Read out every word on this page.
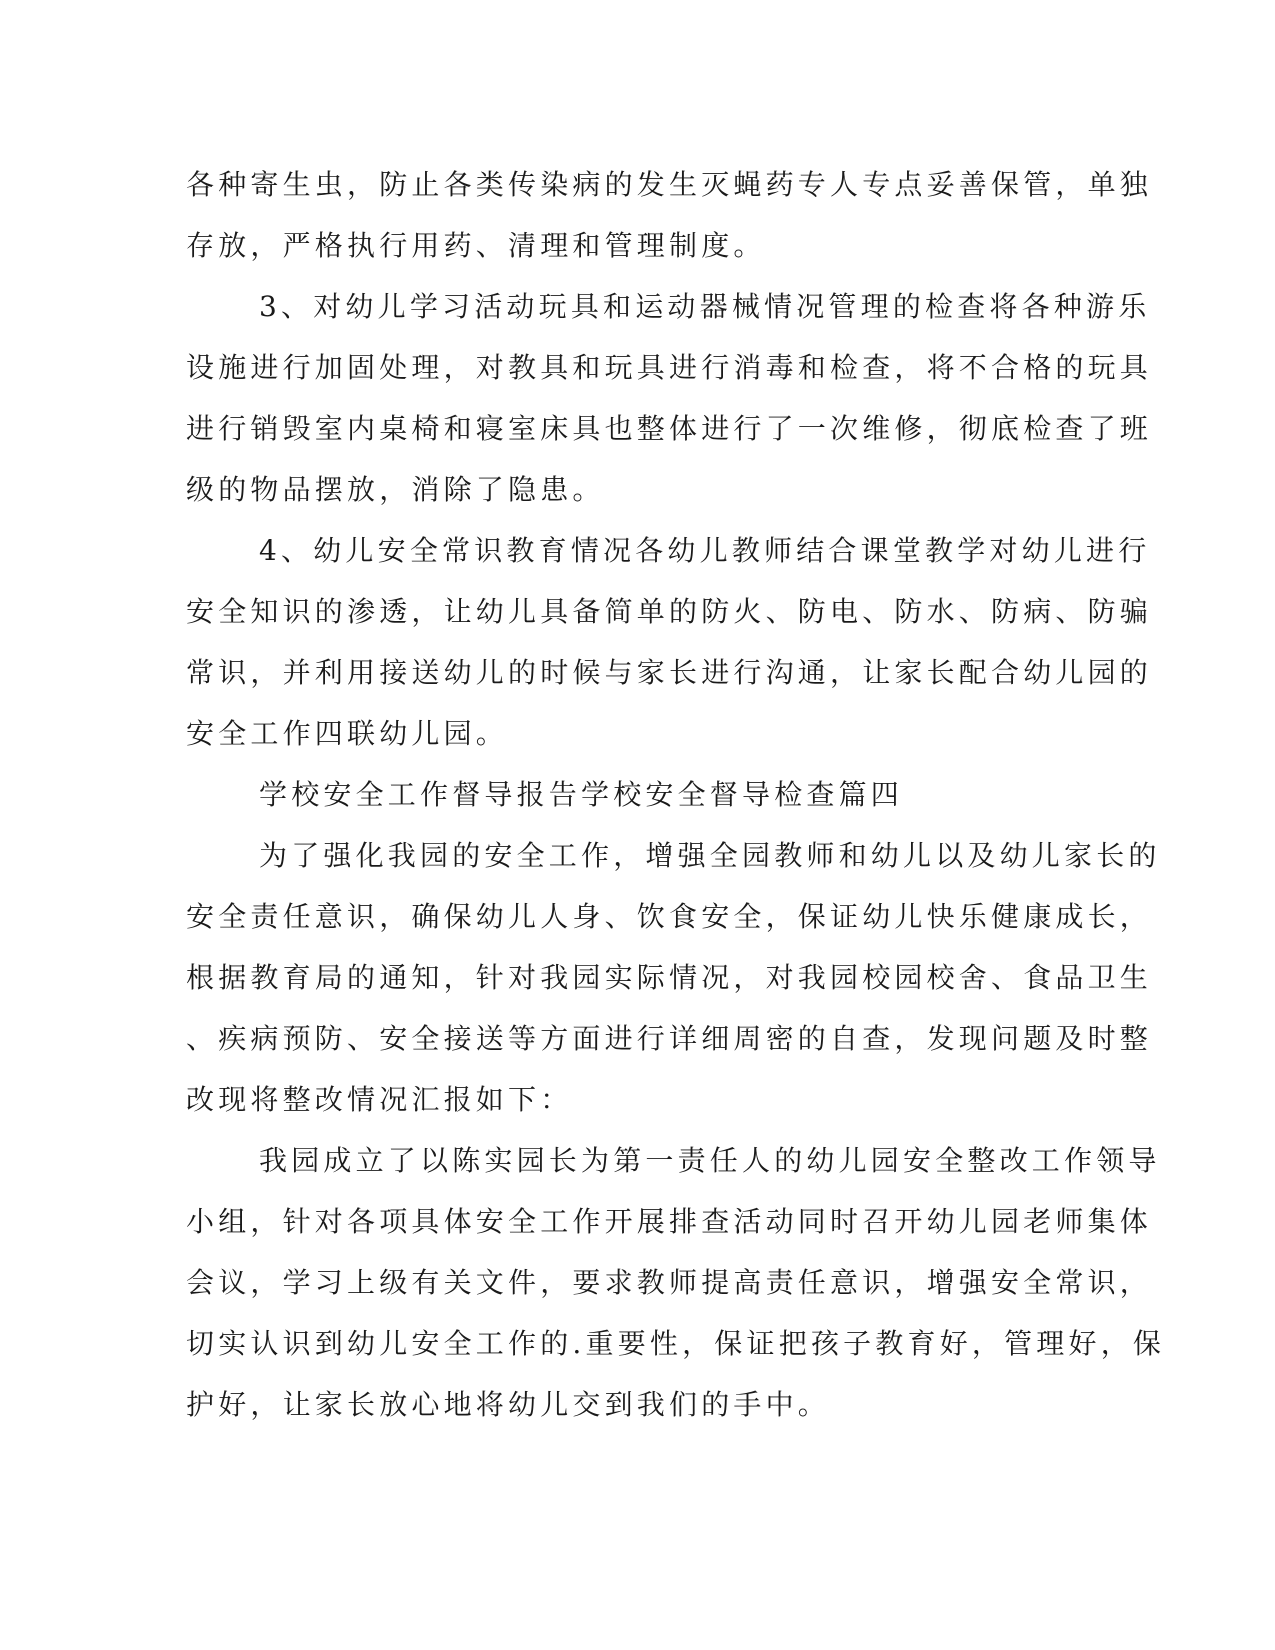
各种寄生虫，防止各类传染病的发生灭蝇药专人专点妥善保管，单独
存放，严格执行用药、清理和管理制度。
3、对幼儿学习活动玩具和运动器械情况管理的检查将各种游乐
设施进行加固处理，对教具和玩具进行消毒和检查，将不合格的玩具
进行销毁室内桌椅和寝室床具也整体进行了一次维修，彻底检查了班
级的物品摆放，消除了隐患。
4、幼儿安全常识教育情况各幼儿教师结合课堂教学对幼儿进行
安全知识的渗透，让幼儿具备简单的防火、防电、防水、防病、防骗
常识，并利用接送幼儿的时候与家长进行沟通，让家长配合幼儿园的
安全工作四联幼儿园。
学校安全工作督导报告学校安全督导检查篇四
为了强化我园的安全工作，增强全园教师和幼儿以及幼儿家长的
安全责任意识，确保幼儿人身、饮食安全，保证幼儿快乐健康成长，
根据教育局的通知，针对我园实际情况，对我园校园校舍、食品卫生
、疾病预防、安全接送等方面进行详细周密的自查，发现问题及时整
改现将整改情况汇报如下：
我园成立了以陈实园长为第一责任人的幼儿园安全整改工作领导
小组，针对各项具体安全工作开展排查活动同时召开幼儿园老师集体
会议，学习上级有关文件，要求教师提高责任意识，增强安全常识，
切实认识到幼儿安全工作的.重要性，保证把孩子教育好，管理好，保
护好，让家长放心地将幼儿交到我们的手中。
